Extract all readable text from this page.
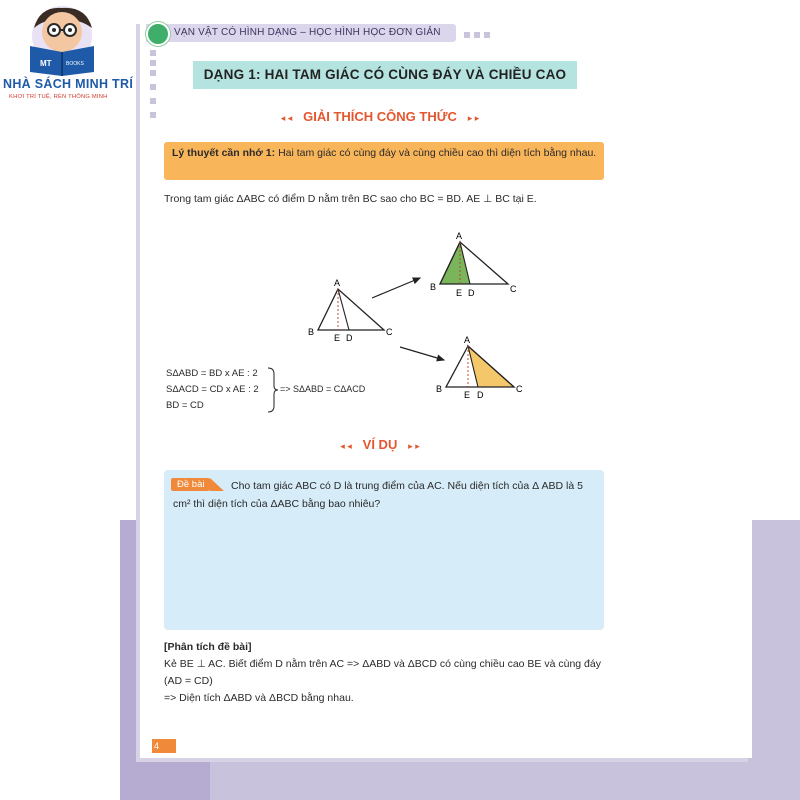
MT	BOOKS
NHÀ SÁCH MINH TRÍ
KHƠI TRÍ TUỆ, RÈN THÔNG MINH
VẠN VẬT CÓ HÌNH DẠNG – HỌC HÌNH HỌC ĐƠN GIẢN
DẠNG 1: HAI TAM GIÁC CÓ CÙNG ĐÁY VÀ CHIỀU CAO
◂ ◂ GIẢI THÍCH CÔNG THỨC ▸ ▸
Lý thuyết cần nhớ 1: Hai tam giác có cùng đáy và cùng chiều cao thì diện tích bằng nhau.
Trong tam giác ΔABC có điểm D nằm trên BC sao cho BC = BD. AE ⊥ BC tại E.
A
B	C
E D
A
B	C
E D
A
B	C
E D
SΔABD = BD x AE : 2
SΔACD = CD x AE : 2
BD = CD
=> SΔABD = CΔACD
◂ ◂ VÍ DỤ ▸ ▸
Đề bài	Cho tam giác ABC có D là trung điểm của AC. Nếu diện tích của Δ ABD là 5 cm² thì diện tích của ΔABC bằng bao nhiêu?
[Phân tích đề bài]
Kẻ BE ⊥ AC. Biết điểm D nằm trên AC => ΔABD và ΔBCD có cùng chiều cao BE và cùng đáy (AD = CD)
=> Diện tích ΔABD và ΔBCD bằng nhau.
4
